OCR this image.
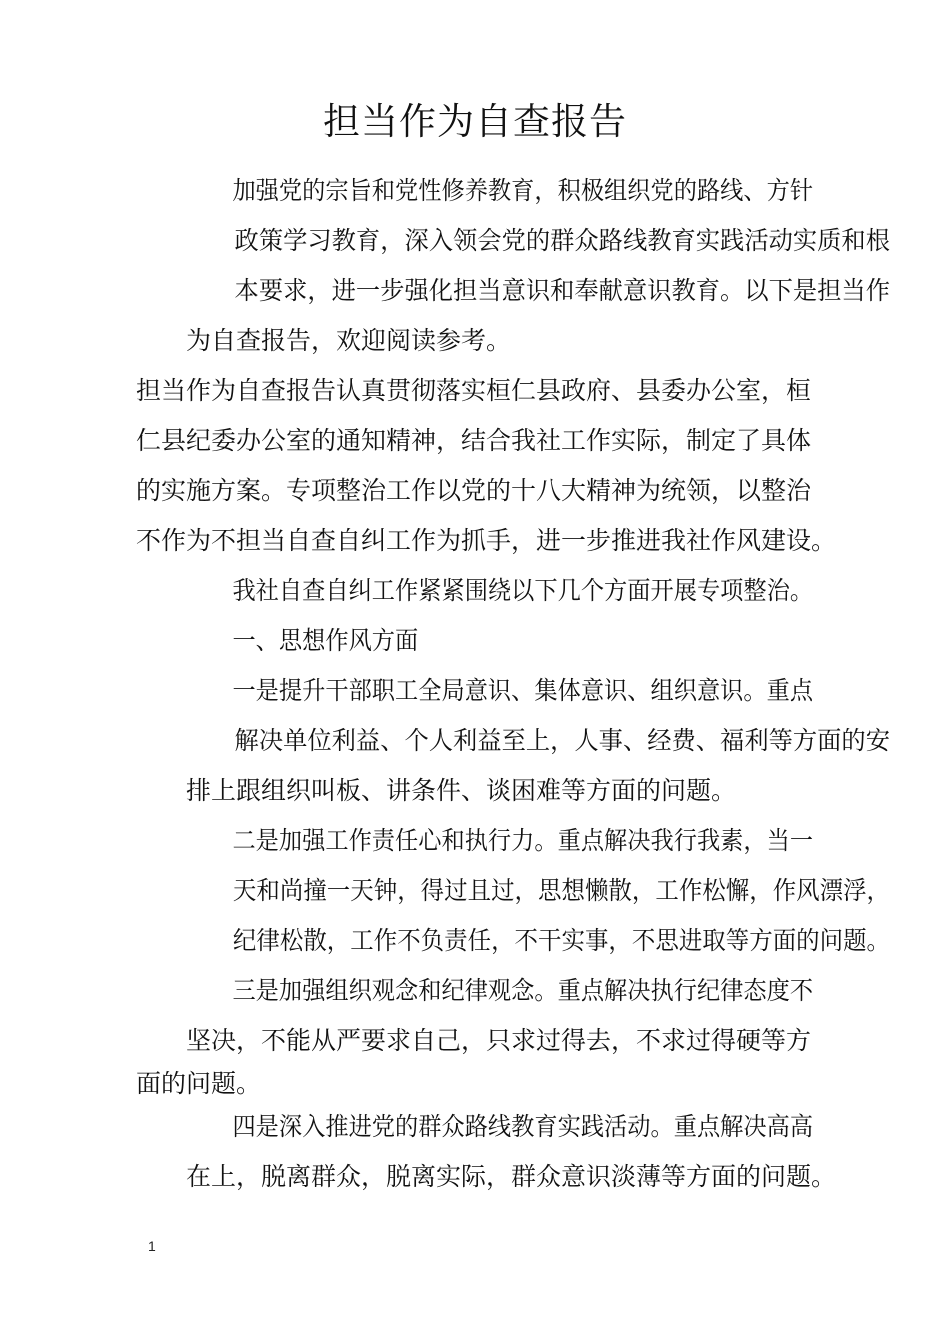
担当作为自查报告
加强党的宗旨和党性修养教育，积极组织党的路线、方针
政策学习教育，深入领会党的群众路线教育实践活动实质和根
本要求，进一步强化担当意识和奉献意识教育。以下是担当作
为自查报告，欢迎阅读参考。
担当作为自查报告认真贯彻落实桓仁县政府、县委办公室，桓
仁县纪委办公室的通知精神，结合我社工作实际，制定了具体
的实施方案。专项整治工作以党的十八大精神为统领，以整治
不作为不担当自查自纠工作为抓手，进一步推进我社作风建设。
我社自查自纠工作紧紧围绕以下几个方面开展专项整治。
一、思想作风方面
一是提升干部职工全局意识、集体意识、组织意识。重点
解决单位利益、个人利益至上，人事、经费、福利等方面的安
排上跟组织叫板、讲条件、谈困难等方面的问题。
二是加强工作责任心和执行力。重点解决我行我素，当一
天和尚撞一天钟，得过且过，思想懒散，工作松懈，作风漂浮，
纪律松散，工作不负责任，不干实事，不思进取等方面的问题。
三是加强组织观念和纪律观念。重点解决执行纪律态度不
坚决，不能从严要求自己，只求过得去，不求过得硬等方
面的问题。
四是深入推进党的群众路线教育实践活动。重点解决高高
在上，脱离群众，脱离实际，群众意识淡薄等方面的问题。
1
